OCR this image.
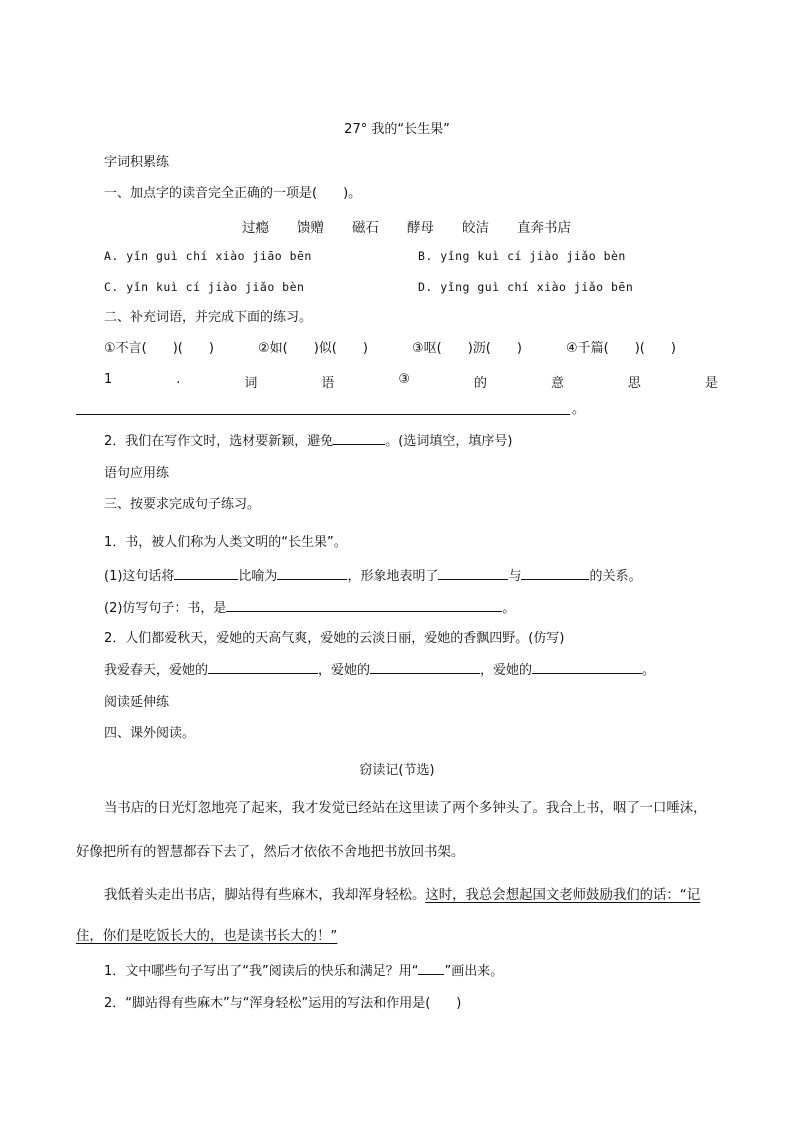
27° 我的“长生果”
字词积累练
一、加点字的读音完全正确的一项是(　　)。
过瘾 馈赠 磁石 酵母 皎洁 直奔书店
A. yǐn guì chí xiào jiāo bēn	B. yǐng kuì cí jiào jiǎo bèn
C. yǐn kuì cí jiào jiǎo bèn	D. yǐng guì chí xiào jiǎo bēn
二、补充词语，并完成下面的练习。
①不言(　　)(　　)	②如(　　)似(　　)	③呕(　　)沥(　　)	④千篇(　　)(　　)
1	.	词	语	③	的	意	思	是
。
2．我们在写作文时，选材要新颖，避免	。(选词填空，填序号)
语句应用练
三、按要求完成句子练习。
1．书，被人们称为人类文明的“长生果”。
(1)这句话将	比喻为	，形象地表明了	与	的关系。
(2)仿写句子：书，是	。
2．人们都爱秋天，爱她的天高气爽，爱她的云淡日丽，爱她的香飘四野。(仿写)
我爱春天，爱她的	，爱她的	，爱她的	。
阅读延伸练
四、课外阅读。
窃读记(节选)
当书店的日光灯忽地亮了起来，我才发觉已经站在这里读了两个多钟头了。我合上书，咽了一口唾沫，
好像把所有的智慧都吞下去了，然后才依依不舍地把书放回书架。
我低着头走出书店，脚站得有些麻木，我却浑身轻松。这时，我总会想起国文老师鼓励我们的话：“记
住，你们是吃饭长大的，也是读书长大的！”
1．文中哪些句子写出了“我”阅读后的快乐和满足？用“ ”画出来。
2．“脚站得有些麻木”与“浑身轻松”运用的写法和作用是(　　)
